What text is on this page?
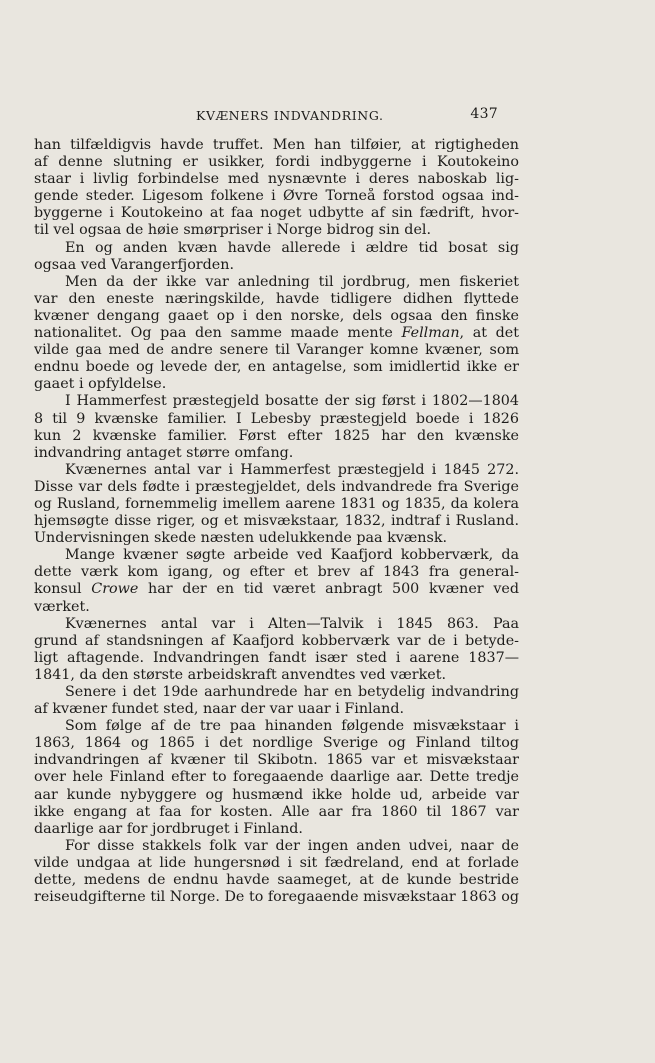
KVÆNERS INDVANDRING.	437
han tilfældigvis havde truffet. Men han tilføier, at rigtigheden
af denne slutning er usikker, fordi indbyggerne i Koutokeino
staar i livlig forbindelse med nysnævnte i deres naboskab lig-
gende steder. Ligesom folkene i Øvre Torneå forstod ogsaa ind-
byggerne i Koutokeino at faa noget udbytte af sin fædrift, hvor-
til vel ogsaa de høie smørpriser i Norge bidrog sin del.
En og anden kvæn havde allerede i ældre tid bosat sig
ogsaa ved Varangerfjorden.
Men da der ikke var anledning til jordbrug, men fiskeriet
var den eneste næringskilde, havde tidligere didhen flyttede
kvæner dengang gaaet op i den norske, dels ogsaa den finske
nationalitet. Og paa den samme maade mente Fellman, at det
vilde gaa med de andre senere til Varanger komne kvæner, som
endnu boede og levede der, en antagelse, som imidlertid ikke er
gaaet i opfyldelse.
I Hammerfest præstegjeld bosatte der sig først i 1802—1804
8 til 9 kvænske familier. I Lebesby præstegjeld boede i 1826
kun 2 kvænske familier. Først efter 1825 har den kvænske
indvandring antaget større omfang.
Kvænernes antal var i Hammerfest præstegjeld i 1845 272.
Disse var dels fødte i præstegjeldet, dels indvandrede fra Sverige
og Rusland, fornemmelig imellem aarene 1831 og 1835, da kolera
hjemsøgte disse riger, og et misvækstaar, 1832, indtraf i Rusland.
Undervisningen skede næsten udelukkende paa kvænsk.
Mange kvæner søgte arbeide ved Kaafjord kobberværk, da
dette værk kom igang, og efter et brev af 1843 fra general-
konsul Crowe har der en tid været anbragt 500 kvæner ved
værket.
Kvænernes antal var i Alten—Talvik i 1845 863. Paa
grund af standsningen af Kaafjord kobberværk var de i betyde-
ligt aftagende. Indvandringen fandt især sted i aarene 1837—
1841, da den største arbeidskraft anvendtes ved værket.
Senere i det 19de aarhundrede har en betydelig indvandring
af kvæner fundet sted, naar der var uaar i Finland.
Som følge af de tre paa hinanden følgende misvækstaar i
1863, 1864 og 1865 i det nordlige Sverige og Finland tiltog
indvandringen af kvæner til Skibotn. 1865 var et misvækstaar
over hele Finland efter to foregaaende daarlige aar. Dette tredje
aar kunde nybyggere og husmænd ikke holde ud, arbeide var
ikke engang at faa for kosten. Alle aar fra 1860 til 1867 var
daarlige aar for jordbruget i Finland.
For disse stakkels folk var der ingen anden udvei, naar de
vilde undgaa at lide hungersnød i sit fædreland, end at forlade
dette, medens de endnu havde saameget, at de kunde bestride
reiseudgifterne til Norge. De to foregaaende misvækstaar 1863 og
